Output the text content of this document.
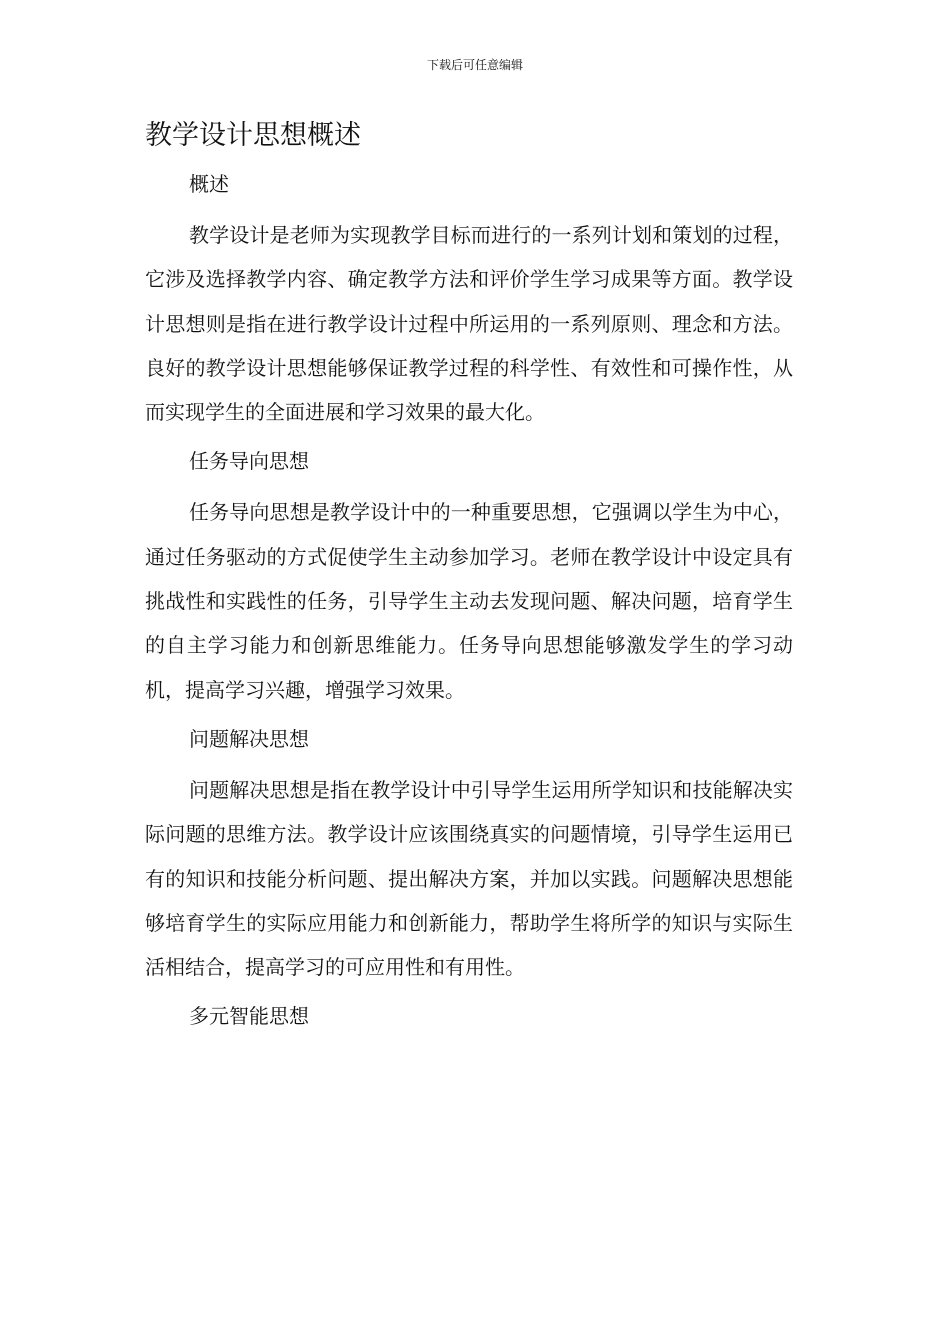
下载后可任意编辑
教学设计思想概述
概述

教学设计是老师为实现教学目标而进行的一系列计划和策划的过程，它涉及选择教学内容、确定教学方法和评价学生学习成果等方面。教学设计思想则是指在进行教学设计过程中所运用的一系列原则、理念和方法。良好的教学设计思想能够保证教学过程的科学性、有效性和可操作性，从而实现学生的全面进展和学习效果的最大化。

任务导向思想

任务导向思想是教学设计中的一种重要思想，它强调以学生为中心，通过任务驱动的方式促使学生主动参加学习。老师在教学设计中设定具有挑战性和实践性的任务，引导学生主动去发现问题、解决问题，培育学生的自主学习能力和创新思维能力。任务导向思想能够激发学生的学习动机，提高学习兴趣，增强学习效果。

问题解决思想

问题解决思想是指在教学设计中引导学生运用所学知识和技能解决实际问题的思维方法。教学设计应该围绕真实的问题情境，引导学生运用已有的知识和技能分析问题、提出解决方案，并加以实践。问题解决思想能够培育学生的实际应用能力和创新能力，帮助学生将所学的知识与实际生活相结合，提高学习的可应用性和有用性。

多元智能思想
